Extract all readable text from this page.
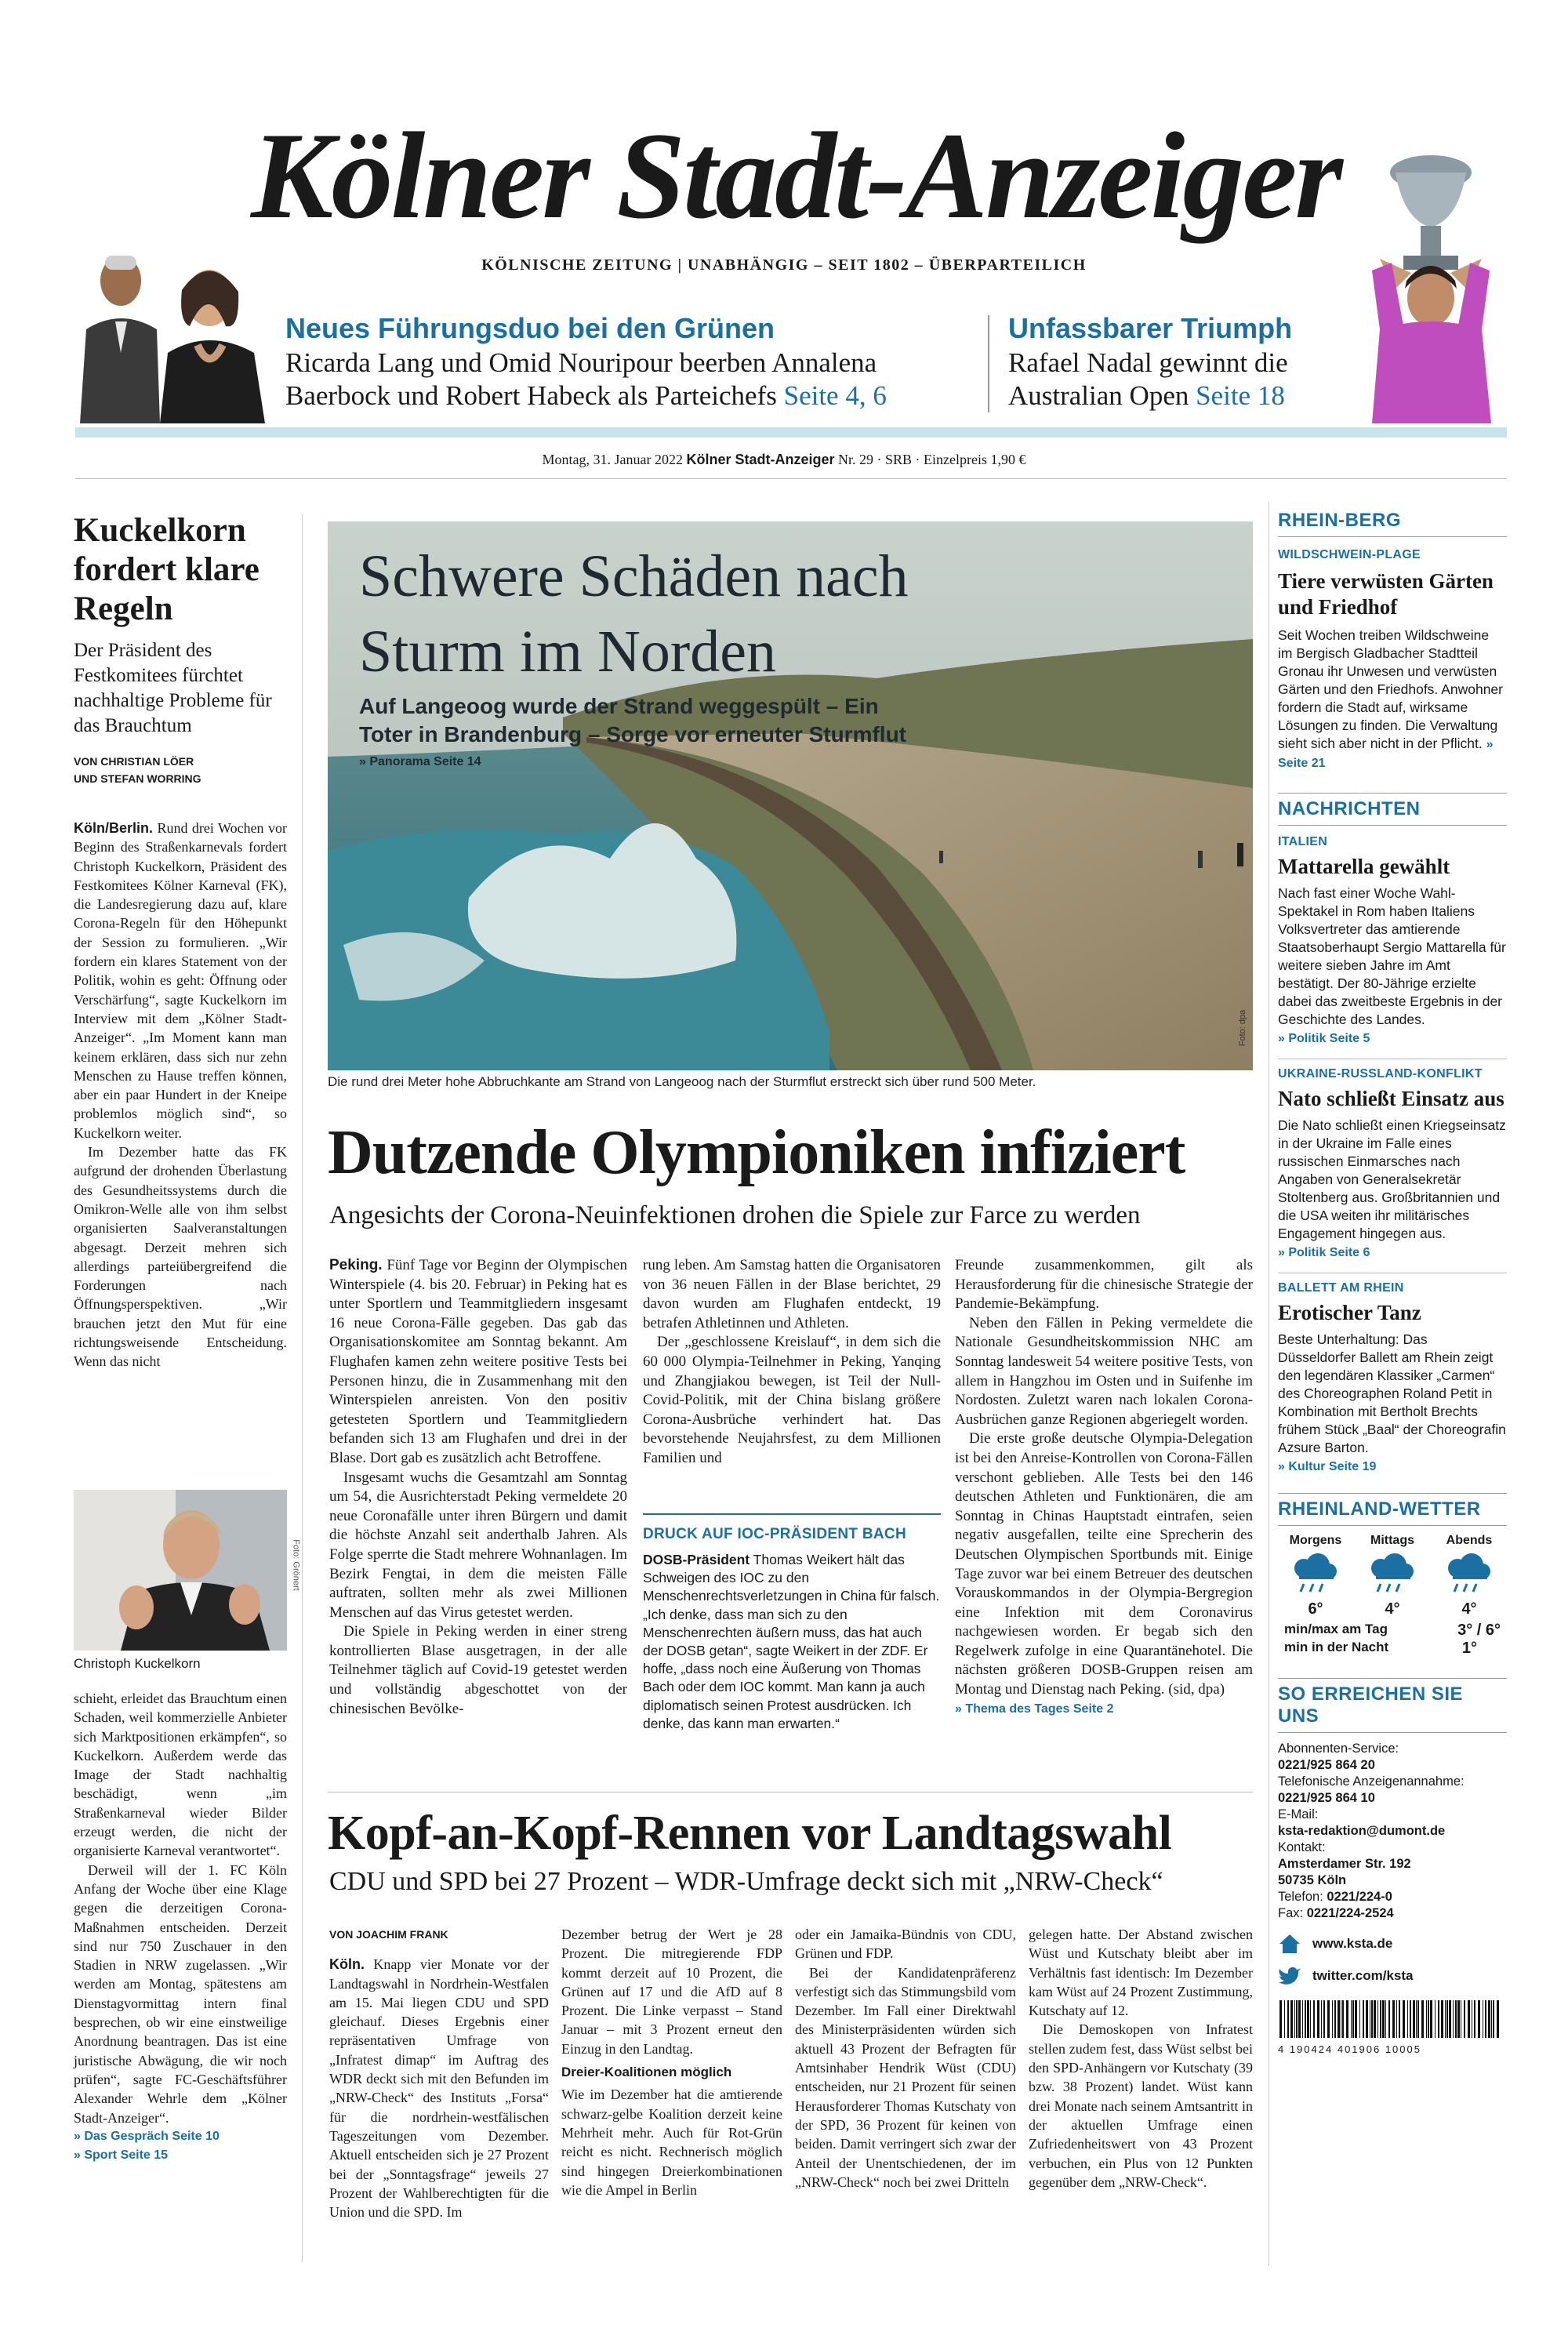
Kölner Stadt-Anzeiger
KÖLNISCHE ZEITUNG | UNABHÄNGIG – SEIT 1802 – ÜBERPARTEILICH
Neues Führungsduo bei den Grünen
Ricarda Lang und Omid Nouripour beerben Annalena Baerbock und Robert Habeck als Parteichefs Seite 4, 6
Unfassbarer Triumph
Rafael Nadal gewinnt die Australian Open Seite 18
Montag, 31. Januar 2022 Kölner Stadt-Anzeiger Nr. 29 · SRB · Einzelpreis 1,90 €
Kuckelkorn fordert klare Regeln
Der Präsident des Festkomitees fürchtet nachhaltige Probleme für das Brauchtum
VON CHRISTIAN LÖER
UND STEFAN WORRING

Köln/Berlin. Rund drei Wochen vor Beginn des Straßenkarnevals fordert Christoph Kuckelkorn, Präsident des Festkomitees Kölner Karneval (FK), die Landesregierung dazu auf, klare Corona-Regeln für den Höhepunkt der Session zu formulieren. „Wir fordern ein klares Statement von der Politik, wohin es geht: Öffnung oder Verschärfung“, sagte Kuckelkorn im Interview mit dem „Kölner Stadt-Anzeiger“. „Im Moment kann man keinem erklären, dass sich nur zehn Menschen zu Hause treffen können, aber ein paar Hundert in der Kneipe problemlos möglich sind“, so Kuckelkorn weiter.

Im Dezember hatte das FK aufgrund der drohenden Überlastung des Gesundheitssystems durch die Omikron-Welle alle von ihm selbst organisierten Saalveranstaltungen abgesagt. Derzeit mehren sich allerdings parteiübergreifend die Forderungen nach Öffnungsperspektiven. „Wir brauchen jetzt den Mut für eine richtungsweisende Entscheidung. Wenn das nicht

Foto: Grönert
Christoph Kuckelkorn

schieht, erleidet das Brauchtum einen Schaden, weil kommerzielle Anbieter sich Marktpositionen erkämpfen“, so Kuckelkorn. Außerdem werde das Image der Stadt nachhaltig beschädigt, wenn „im Straßenkarneval wieder Bilder erzeugt werden, die nicht der organisierte Karneval verantwortet“.

Derweil will der 1. FC Köln Anfang der Woche über eine Klage gegen die derzeitigen Corona-Maßnahmen entscheiden. Derzeit sind nur 750 Zuschauer in den Stadien in NRW zugelassen. „Wir werden am Montag, spätestens am Dienstagvormittag intern final besprechen, ob wir eine einstweilige Anordnung beantragen. Das ist eine juristische Abwägung, die wir noch prüfen“, sagte FC-Geschäftsführer Alexander Wehrle dem „Kölner Stadt-Anzeiger“.

» Das Gespräch Seite 10

» Sport Seite 15

Schwere Schäden nach
Sturm im Norden
Auf Langeoog wurde der Strand weggespült – Ein
Toter in Brandenburg – Sorge vor erneuter Sturmflut
» Panorama Seite 14
Foto: dpa
Die rund drei Meter hohe Abbruchkante am Strand von Langeoog nach der Sturmflut erstreckt sich über rund 500 Meter.
Dutzende Olympioniken infiziert
Angesichts der Corona-Neuinfektionen drohen die Spiele zur Farce zu werden

Peking. Fünf Tage vor Beginn der Olympischen Winterspiele (4. bis 20. Februar) in Peking hat es unter Sportlern und Teammitgliedern insgesamt 16 neue Corona-Fälle gegeben. Das gab das Organisationskomitee am Sonntag bekannt. Am Flughafen kamen zehn weitere positive Tests bei Personen hinzu, die in Zusammenhang mit den Winterspielen anreisten. Von den positiv getesteten Sportlern und Teammitgliedern befanden sich 13 am Flughafen und drei in der Blase. Dort gab es zusätzlich acht Betroffene.

Insgesamt wuchs die Gesamtzahl am Sonntag um 54, die Ausrichterstadt Peking vermeldete 20 neue Coronafälle unter ihren Bürgern und damit die höchste Anzahl seit anderthalb Jahren. Als Folge sperrte die Stadt mehrere Wohnanlagen. Im Bezirk Fengtai, in dem die meisten Fälle auftraten, sollten mehr als zwei Millionen Menschen auf das Virus getestet werden.

Die Spiele in Peking werden in einer streng kontrollierten Blase ausgetragen, in der alle Teilnehmer täglich auf Covid-19 getestet werden und vollständig abgeschottet von der chinesischen Bevölke-

rung leben. Am Samstag hatten die Organisatoren von 36 neuen Fällen in der Blase berichtet, 29 davon wurden am Flughafen entdeckt, 19 betrafen Athletinnen und Athleten.

Der „geschlossene Kreislauf“, in dem sich die 60 000 Olympia-Teilnehmer in Peking, Yanqing und Zhangjiakou bewegen, ist Teil der Null-Covid-Politik, mit der China bislang größere Corona-Ausbrüche verhindert hat. Das bevorstehende Neujahrsfest, zu dem Millionen Familien und

DRUCK AUF IOC-PRÄSIDENT BACH
DOSB-Präsident Thomas Weikert hält das Schweigen des IOC zu den Menschenrechtsverletzungen in China für falsch. „Ich denke, dass man sich zu den Menschenrechten äußern muss, das hat auch der DOSB getan“, sagte Weikert in der ZDF. Er hoffe, „dass noch eine Äußerung von Thomas Bach oder dem IOC kommt. Man kann ja auch diplomatisch seinen Protest ausdrücken. Ich denke, das kann man erwarten.“

Freunde zusammenkommen, gilt als Herausforderung für die chinesische Strategie der Pandemie-Bekämpfung.

Neben den Fällen in Peking vermeldete die Nationale Gesundheitskommission NHC am Sonntag landesweit 54 weitere positive Tests, von allem in Hangzhou im Osten und in Suifenhe im Nordosten. Zuletzt waren nach lokalen Corona-Ausbrüchen ganze Regionen abgeriegelt worden.

Die erste große deutsche Olympia-Delegation ist bei den Anreise-Kontrollen von Corona-Fällen verschont geblieben. Alle Tests bei den 146 deutschen Athleten und Funktionären, die am Sonntag in Chinas Hauptstadt eintrafen, seien negativ ausgefallen, teilte eine Sprecherin des Deutschen Olympischen Sportbunds mit. Einige Tage zuvor war bei einem Betreuer des deutschen Vorauskommandos in der Olympia-Bergregion eine Infektion mit dem Coronavirus nachgewiesen worden. Er begab sich den Regelwerk zufolge in eine Quarantänehotel. Die nächsten größeren DOSB-Gruppen reisen am Montag und Dienstag nach Peking. (sid, dpa)

» Thema des Tages Seite 2

Kopf-an-Kopf-Rennen vor Landtagswahl
CDU und SPD bei 27 Prozent – WDR-Umfrage deckt sich mit „NRW-Check“

VON JOACHIM FRANK

Köln. Knapp vier Monate vor der Landtagswahl in Nordrhein-Westfalen am 15. Mai liegen CDU und SPD gleichauf. Dieses Ergebnis einer repräsentativen Umfrage von „Infratest dimap“ im Auftrag des WDR deckt sich mit den Befunden im „NRW-Check“ des Instituts „Forsa“ für die nordrhein-westfälischen Tageszeitungen vom Dezember. Aktuell entscheiden sich je 27 Prozent bei der „Sonntagsfrage“ jeweils 27 Prozent der Wahlberechtigten für die Union und die SPD. Im

Dezember betrug der Wert je 28 Prozent. Die mitregierende FDP kommt derzeit auf 10 Prozent, die Grünen auf 17 und die AfD auf 8 Prozent. Die Linke verpasst – Stand Januar – mit 3 Prozent erneut den Einzug in den Landtag.

Dreier-Koalitionen möglich

Wie im Dezember hat die amtierende schwarz-gelbe Koalition derzeit keine Mehrheit mehr. Auch für Rot-Grün reicht es nicht. Rechnerisch möglich sind hingegen Dreierkombinationen wie die Ampel in Berlin

oder ein Jamaika-Bündnis von CDU, Grünen und FDP.

Bei der Kandidatenpräferenz verfestigt sich das Stimmungsbild vom Dezember. Im Fall einer Direktwahl des Ministerpräsidenten würden sich aktuell 43 Prozent der Befragten für Amtsinhaber Hendrik Wüst (CDU) entscheiden, nur 21 Prozent für seinen Herausforderer Thomas Kutschaty von der SPD, 36 Prozent für keinen von beiden. Damit verringert sich zwar der Anteil der Unentschiedenen, der im „NRW-Check“ noch bei zwei Dritteln

gelegen hatte. Der Abstand zwischen Wüst und Kutschaty bleibt aber im Verhältnis fast identisch: Im Dezember kam Wüst auf 24 Prozent Zustimmung, Kutschaty auf 12.

Die Demoskopen von Infratest stellen zudem fest, dass Wüst selbst bei den SPD-Anhängern vor Kutschaty (39 bzw. 38 Prozent) landet. Wüst kann drei Monate nach seinem Amtsantritt in der aktuellen Umfrage einen Zufriedenheitswert von 43 Prozent verbuchen, ein Plus von 12 Punkten gegenüber dem „NRW-Check“.

RHEIN-BERG
WILDSCHWEIN-PLAGE
Tiere verwüsten Gärten und Friedhof
Seit Wochen treiben Wildschweine im Bergisch Gladbacher Stadtteil Gronau ihr Unwesen und verwüsten Gärten und den Friedhofs. Anwohner fordern die Stadt auf, wirksame Lösungen zu finden. Die Verwaltung sieht sich aber nicht in der Pflicht. » Seite 21
NACHRICHTEN
ITALIEN
Mattarella gewählt
Nach fast einer Woche Wahl-Spektakel in Rom haben Italiens Volksvertreter das amtierende Staatsoberhaupt Sergio Mattarella für weitere sieben Jahre im Amt bestätigt. Der 80-Jährige erzielte dabei das zweitbeste Ergebnis in der Geschichte des Landes.
» Politik Seite 5
UKRAINE-RUSSLAND-KONFLIKT
Nato schließt Einsatz aus
Die Nato schließt einen Kriegseinsatz in der Ukraine im Falle eines russischen Einmarsches nach Angaben von Generalsekretär Stoltenberg aus. Großbritannien und die USA weiten ihr militärisches Engagement hingegen aus.
» Politik Seite 6
BALLETT AM RHEIN
Erotischer Tanz
Beste Unterhaltung: Das Düsseldorfer Ballett am Rhein zeigt den legendären Klassiker „Carmen“ des Choreographen Roland Petit in Kombination mit Bertholt Brechts frühem Stück „Baal“ der Choreografin Azsure Barton.
» Kultur Seite 19
RHEINLAND-WETTER
Morgens
6°
Mittags
4°
Abends
4°
min/max am Tag	3° / 6°
min in der Nacht	1°
SO ERREICHEN SIE UNS
Abonnenten-Service:
0221/925 864 20
Telefonische Anzeigenannahme:
0221/925 864 10
E-Mail:
ksta-redaktion@dumont.de
Kontakt:
Amsterdamer Str. 192
50735 Köln
Telefon: 0221/224-0
Fax: 0221/224-2524
www.ksta.de
twitter.com/ksta
4 190424 401906 10005
